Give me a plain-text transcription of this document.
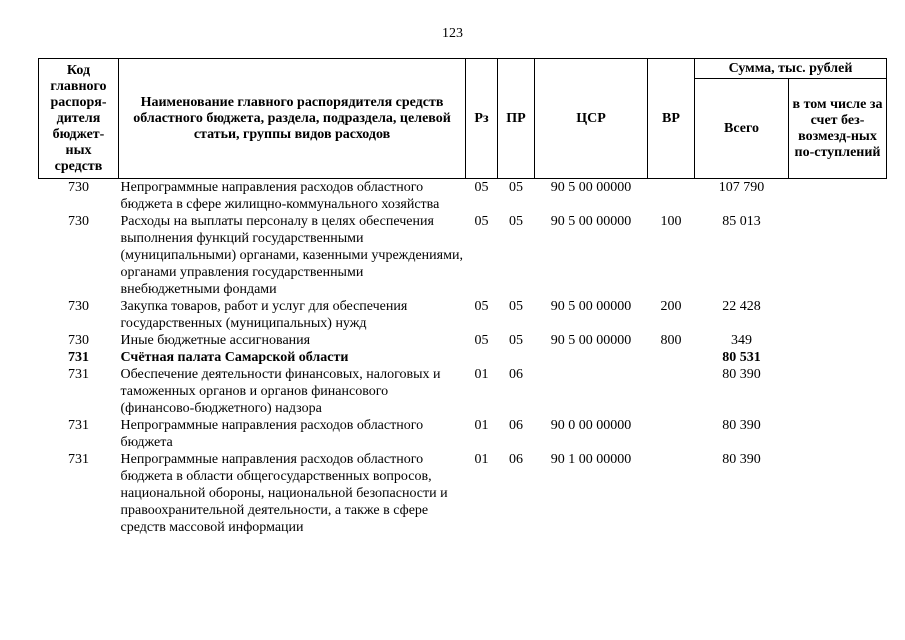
123
Код главного распоря-дителя бюджет-ных средств	Наименование главного распорядителя средств областного бюджета, раздела, подраздела, целевой статьи, группы видов расходов	Рз	ПР	ЦСР	ВР	Сумма, тыс. рублей	
						Всего	в том числе за счет без-возмезд-ных по-ступлений
730	Непрограммные направления расходов областного бюджета в сфере жилищно-коммунального хозяйства	05	05	90 5 00 00000		107 790	
730	Расходы на выплаты персоналу в целях обеспечения выполнения функций государственными (муниципальными) органами, казенными учреждениями, органами управления государственными внебюджетными фондами	05	05	90 5 00 00000	100	85 013	
730	Закупка товаров, работ и услуг для обеспечения государственных (муниципальных) нужд	05	05	90 5 00 00000	200	22 428	
730	Иные бюджетные ассигнования	05	05	90 5 00 00000	800	349	
731	Счётная палата Самарской области					80 531	
731	Обеспечение деятельности финансовых, налоговых и таможенных органов и органов финансового (финансово-бюджетного) надзора	01	06			80 390	
731	Непрограммные направления расходов областного бюджета	01	06	90 0 00 00000		80 390	
731	Непрограммные направления расходов областного бюджета в области общегосударственных вопросов, национальной обороны, национальной безопасности и правоохранительной деятельности, а также в сфере средств массовой информации	01	06	90 1 00 00000		80 390	
